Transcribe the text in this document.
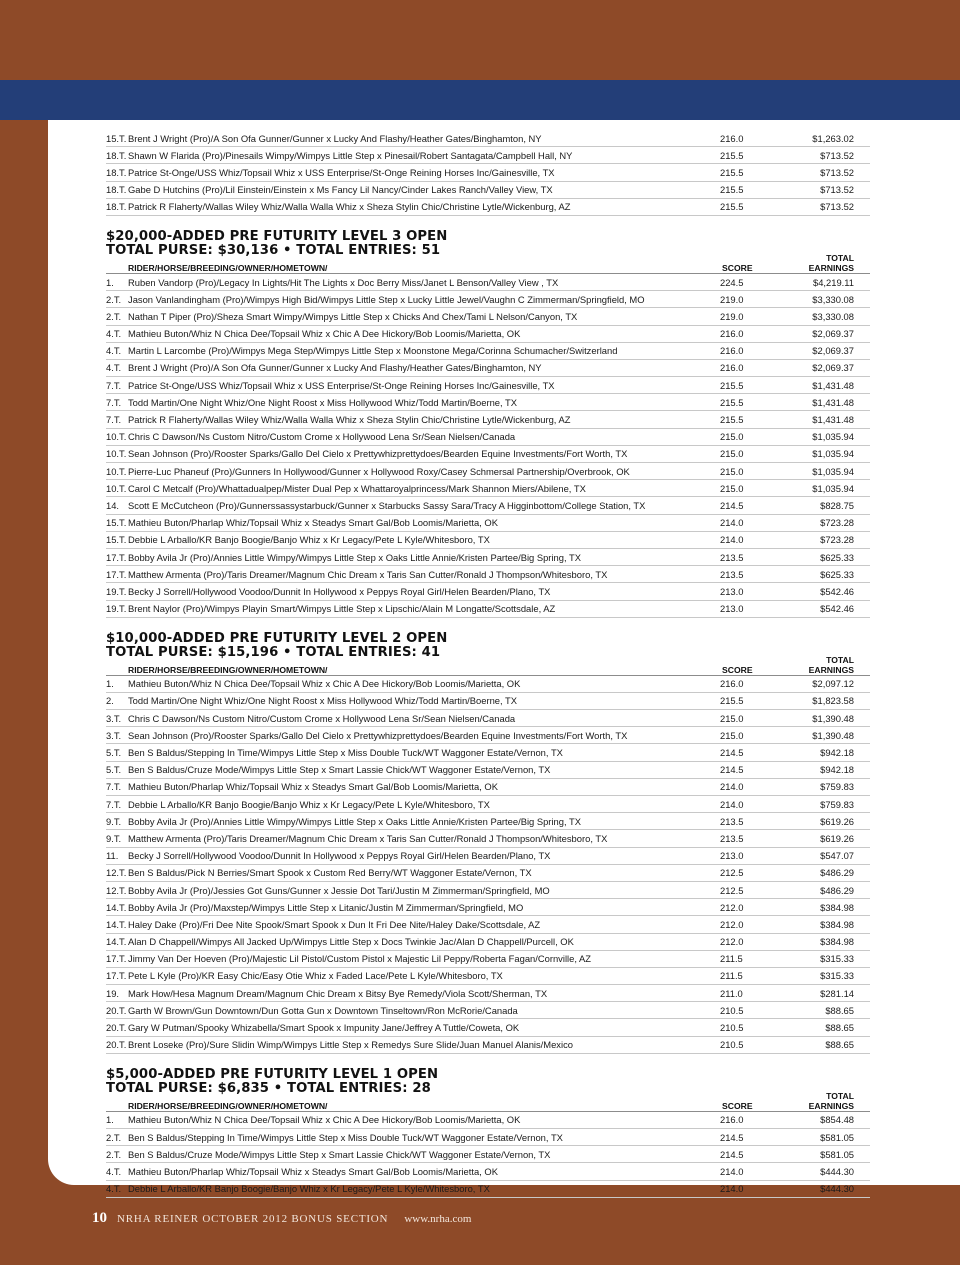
15.T. Brent J Wright (Pro)/A Son Ofa Gunner/Gunner x Lucky And Flashy/Heather Gates/Binghamton, NY	216.0	$1,263.02
18.T. Shawn W Flarida (Pro)/Pinesails Wimpy/Wimpys Little Step x Pinesail/Robert Santagata/Campbell Hall, NY	215.5	$713.52
18.T. Patrice St-Onge/USS Whiz/Topsail Whiz x USS Enterprise/St-Onge Reining Horses Inc/Gainesville, TX	215.5	$713.52
18.T. Gabe D Hutchins (Pro)/Lil Einstein/Einstein x Ms Fancy Lil Nancy/Cinder Lakes Ranch/Valley View, TX	215.5	$713.52
18.T. Patrick R Flaherty/Wallas Wiley Whiz/Walla Walla Whiz x Sheza Stylin Chic/Christine Lytle/Wickenburg, AZ	215.5	$713.52
$20,000-ADDED PRE FUTURITY LEVEL 3 OPEN
TOTAL PURSE: $30,136 • TOTAL ENTRIES: 51
RIDER/HORSE/BREEDING/OWNER/HOMETOWN/	SCORE
TOTAL EARNINGS
1.	Ruben Vandorp (Pro)/Legacy In Lights/Hit The Lights x Doc Berry Miss/Janet L Benson/Valley View , TX	224.5	$4,219.11
2.T. Jason Vanlandingham (Pro)/Wimpys High Bid/Wimpys Little Step x Lucky Little Jewel/Vaughn C Zimmerman/Springfield, MO	219.0	$3,330.08
2.T. Nathan T Piper (Pro)/Sheza Smart Wimpy/Wimpys Little Step x Chicks And Chex/Tami L Nelson/Canyon, TX	219.0	$3,330.08
4.T. Mathieu Buton/Whiz N Chica Dee/Topsail Whiz x Chic A Dee Hickory/Bob Loomis/Marietta, OK	216.0	$2,069.37
4.T. Martin L Larcombe (Pro)/Wimpys Mega Step/Wimpys Little Step x Moonstone Mega/Corinna Schumacher/Switzerland	216.0	$2,069.37
4.T. Brent J Wright (Pro)/A Son Ofa Gunner/Gunner x Lucky And Flashy/Heather Gates/Binghamton, NY	216.0	$2,069.37
7.T. Patrice St-Onge/USS Whiz/Topsail Whiz x USS Enterprise/St-Onge Reining Horses Inc/Gainesville, TX	215.5	$1,431.48
7.T. Todd Martin/One Night Whiz/One Night Roost x Miss Hollywood Whiz/Todd Martin/Boerne, TX	215.5	$1,431.48
7.T. Patrick R Flaherty/Wallas Wiley Whiz/Walla Walla Whiz x Sheza Stylin Chic/Christine Lytle/Wickenburg, AZ	215.5	$1,431.48
10.T. Chris C Dawson/Ns Custom Nitro/Custom Crome x Hollywood Lena Sr/Sean Nielsen/Canada	215.0	$1,035.94
10.T. Sean Johnson (Pro)/Rooster Sparks/Gallo Del Cielo x Prettywhizprettydoes/Bearden Equine Investments/Fort Worth, TX	215.0	$1,035.94
10.T. Pierre-Luc Phaneuf (Pro)/Gunners In Hollywood/Gunner x Hollywood Roxy/Casey Schmersal Partnership/Overbrook, OK	215.0	$1,035.94
10.T. Carol C Metcalf (Pro)/Whattadualpep/Mister Dual Pep x Whattaroyalprincess/Mark Shannon Miers/Abilene, TX	215.0	$1,035.94
14. Scott E McCutcheon (Pro)/Gunnerssassystarbuck/Gunner x Starbucks Sassy Sara/Tracy A Higginbottom/College Station, TX	214.5	$828.75
15.T. Mathieu Buton/Pharlap Whiz/Topsail Whiz x Steadys Smart Gal/Bob Loomis/Marietta, OK	214.0	$723.28
15.T. Debbie L Arballo/KR Banjo Boogie/Banjo Whiz x Kr Legacy/Pete L Kyle/Whitesboro, TX	214.0	$723.28
17.T. Bobby Avila Jr (Pro)/Annies Little Wimpy/Wimpys Little Step x Oaks Little Annie/Kristen Partee/Big Spring, TX	213.5	$625.33
17.T. Matthew Armenta (Pro)/Taris Dreamer/Magnum Chic Dream x Taris San Cutter/Ronald J Thompson/Whitesboro, TX	213.5	$625.33
19.T. Becky J Sorrell/Hollywood Voodoo/Dunnit In Hollywood x Peppys Royal Girl/Helen Bearden/Plano, TX	213.0	$542.46
19.T. Brent Naylor (Pro)/Wimpys Playin Smart/Wimpys Little Step x Lipschic/Alain M Longatte/Scottsdale, AZ	213.0	$542.46
$10,000-ADDED PRE FUTURITY LEVEL 2 OPEN
TOTAL PURSE: $15,196 • TOTAL ENTRIES: 41
RIDER/HORSE/BREEDING/OWNER/HOMETOWN/	SCORE
TOTAL EARNINGS
1.	Mathieu Buton/Whiz N Chica Dee/Topsail Whiz x Chic A Dee Hickory/Bob Loomis/Marietta, OK	216.0	$2,097.12
2.	Todd Martin/One Night Whiz/One Night Roost x Miss Hollywood Whiz/Todd Martin/Boerne, TX	215.5	$1,823.58
3.T. Chris C Dawson/Ns Custom Nitro/Custom Crome x Hollywood Lena Sr/Sean Nielsen/Canada	215.0	$1,390.48
3.T. Sean Johnson (Pro)/Rooster Sparks/Gallo Del Cielo x Prettywhizprettydoes/Bearden Equine Investments/Fort Worth, TX	215.0	$1,390.48
5.T. Ben S Baldus/Stepping In Time/Wimpys Little Step x Miss Double Tuck/WT Waggoner Estate/Vernon, TX	214.5	$942.18
5.T. Ben S Baldus/Cruze Mode/Wimpys Little Step x Smart Lassie Chick/WT Waggoner Estate/Vernon, TX	214.5	$942.18
7.T. Mathieu Buton/Pharlap Whiz/Topsail Whiz x Steadys Smart Gal/Bob Loomis/Marietta, OK	214.0	$759.83
7.T. Debbie L Arballo/KR Banjo Boogie/Banjo Whiz x Kr Legacy/Pete L Kyle/Whitesboro, TX	214.0	$759.83
9.T. Bobby Avila Jr (Pro)/Annies Little Wimpy/Wimpys Little Step x Oaks Little Annie/Kristen Partee/Big Spring, TX	213.5	$619.26
9.T. Matthew Armenta (Pro)/Taris Dreamer/Magnum Chic Dream x Taris San Cutter/Ronald J Thompson/Whitesboro, TX	213.5	$619.26
11.	Becky J Sorrell/Hollywood Voodoo/Dunnit In Hollywood x Peppys Royal Girl/Helen Bearden/Plano, TX	213.0	$547.07
12.T. Ben S Baldus/Pick N Berries/Smart Spook x Custom Red Berry/WT Waggoner Estate/Vernon, TX	212.5	$486.29
12.T. Bobby Avila Jr (Pro)/Jessies Got Guns/Gunner x Jessie Dot Tari/Justin M Zimmerman/Springfield, MO	212.5	$486.29
14.T. Bobby Avila Jr (Pro)/Maxstep/Wimpys Little Step x Litanic/Justin M Zimmerman/Springfield, MO	212.0	$384.98
14.T. Haley Dake (Pro)/Fri Dee Nite Spook/Smart Spook x Dun It Fri Dee Nite/Haley Dake/Scottsdale, AZ	212.0	$384.98
14.T. Alan D Chappell/Wimpys All Jacked Up/Wimpys Little Step x Docs Twinkie Jac/Alan D Chappell/Purcell, OK	212.0	$384.98
17.T. Jimmy Van Der Hoeven (Pro)/Majestic Lil Pistol/Custom Pistol x Majestic Lil Peppy/Roberta Fagan/Cornville, AZ	211.5	$315.33
17.T. Pete L Kyle (Pro)/KR Easy Chic/Easy Otie Whiz x Faded Lace/Pete L Kyle/Whitesboro, TX	211.5	$315.33
19. Mark How/Hesa Magnum Dream/Magnum Chic Dream x Bitsy Bye Remedy/Viola Scott/Sherman, TX	211.0	$281.14
20.T. Garth W Brown/Gun Downtown/Dun Gotta Gun x Downtown Tinseltown/Ron McRorie/Canada	210.5	$88.65
20.T. Gary W Putman/Spooky Whizabella/Smart Spook x Impunity Jane/Jeffrey A Tuttle/Coweta, OK	210.5	$88.65
20.T. Brent Loseke (Pro)/Sure Slidin Wimp/Wimpys Little Step x Remedys Sure Slide/Juan Manuel Alanis/Mexico	210.5	$88.65
$5,000-ADDED PRE FUTURITY LEVEL 1 OPEN
TOTAL PURSE: $6,835 • TOTAL ENTRIES: 28
RIDER/HORSE/BREEDING/OWNER/HOMETOWN/	SCORE
TOTAL EARNINGS
1.	Mathieu Buton/Whiz N Chica Dee/Topsail Whiz x Chic A Dee Hickory/Bob Loomis/Marietta, OK	216.0	$854.48
2.T. Ben S Baldus/Stepping In Time/Wimpys Little Step x Miss Double Tuck/WT Waggoner Estate/Vernon, TX	214.5	$581.05
2.T. Ben S Baldus/Cruze Mode/Wimpys Little Step x Smart Lassie Chick/WT Waggoner Estate/Vernon, TX	214.5	$581.05
4.T. Mathieu Buton/Pharlap Whiz/Topsail Whiz x Steadys Smart Gal/Bob Loomis/Marietta, OK	214.0	$444.30
4.T. Debbie L Arballo/KR Banjo Boogie/Banjo Whiz x Kr Legacy/Pete L Kyle/Whitesboro, TX	214.0	$444.30
10 NRHA REINER OCTOBER 2012 BONUS SECTION www.nrha.com
